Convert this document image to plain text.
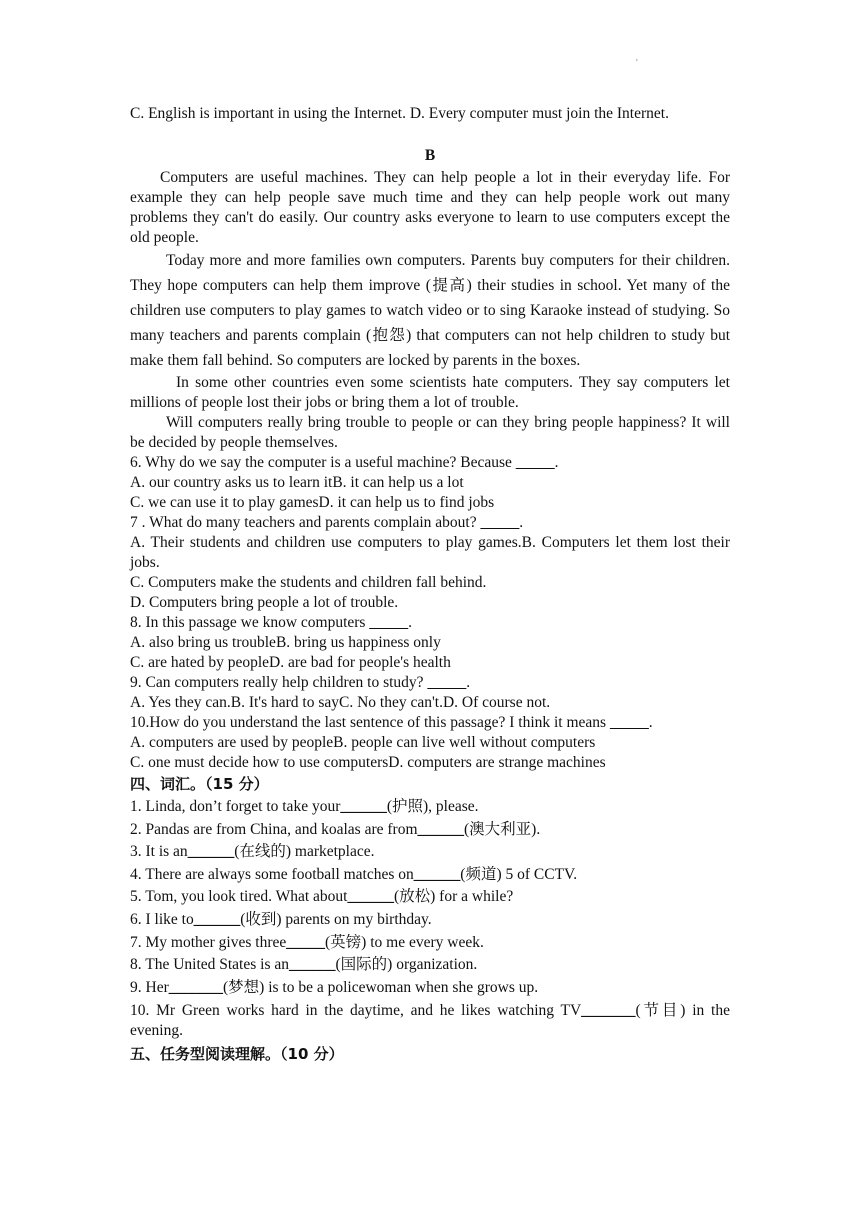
'
C. English is important in using the Internet. D. Every computer must join the Internet.
B
Computers are useful machines. They can help people a lot in their everyday life. For example they can help people save much time and they can help people work out many problems they can't do easily. Our country asks everyone to learn to use computers except the old people.
Today more and more families own computers. Parents buy computers for their children. They hope computers can help them improve (提高) their studies in school. Yet many of the children use computers to play games to watch video or to sing Karaoke instead of studying. So many teachers and parents complain (抱怨) that computers can not help children to study but make them fall behind. So computers are locked by parents in the boxes.
In some other countries even some scientists hate computers. They say computers let millions of people lost their jobs or bring them a lot of trouble.
Will computers really bring trouble to people or can they bring people happiness? It will be decided by people themselves.
6. Why do we say the computer is a useful machine? Because _____.
A. our country asks us to learn itB. it can help us a lot
C. we can use it to play gamesD. it can help us to find jobs
7 . What do many teachers and parents complain about? _____.
A. Their students and children use computers to play games.B. Computers let them lost their jobs.
C. Computers make the students and children fall behind.
D. Computers bring people a lot of trouble.
8. In this passage we know computers _____.
A. also bring us troubleB. bring us happiness only
C. are hated by peopleD. are bad for people's health
9. Can computers really help children to study? _____.
A. Yes they can.B. It's hard to sayC. No they can't.D. Of course not.
10.How do you understand the last sentence of this passage? I think it means _____.
A. computers are used by peopleB. people can live well without computers
C. one must decide how to use computersD. computers are strange machines
四、词汇。（15 分）
1. Linda, don’t forget to take your______(护照), please.
2. Pandas are from China, and koalas are from______(澳大利亚).
3. It is an______(在线的) marketplace.
4. There are always some football matches on______(频道) 5 of CCTV.
5. Tom, you look tired. What about______(放松) for a while?
6. I like to______(收到) parents on my birthday.
7. My mother gives three_____(英镑) to me every week.
8. The United States is an______(国际的) organization.
9. Her_______(梦想) is to be a policewoman when she grows up.
10. Mr Green works hard in the daytime, and he likes watching TV_______(节目) in the evening.
五、任务型阅读理解。（10 分）
